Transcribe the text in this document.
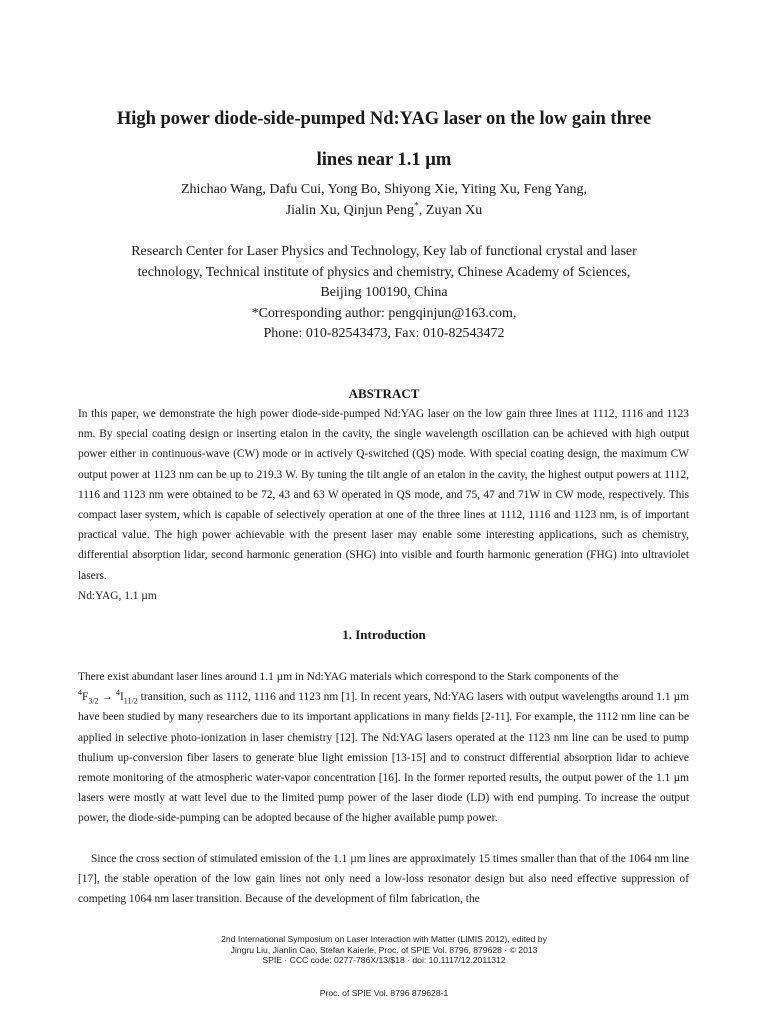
High power diode-side-pumped Nd:YAG laser on the low gain three
lines near 1.1 µm
Zhichao Wang, Dafu Cui, Yong Bo, Shiyong Xie, Yiting Xu, Feng Yang,
Jialin Xu, Qinjun Peng*, Zuyan Xu
Research Center for Laser Physics and Technology, Key lab of functional crystal and laser
technology, Technical institute of physics and chemistry, Chinese Academy of Sciences,
Beijing 100190, China
*Corresponding author: pengqinjun@163.com,
Phone: 010-82543473, Fax: 010-82543472
ABSTRACT
In this paper, we demonstrate the high power diode-side-pumped Nd:YAG laser on the low gain three lines at 1112, 1116 and 1123 nm. By special coating design or inserting etalon in the cavity, the single wavelength oscillation can be achieved with high output power either in continuous-wave (CW) mode or in actively Q-switched (QS) mode. With special coating design, the maximum CW output power at 1123 nm can be up to 219.3 W. By tuning the tilt angle of an etalon in the cavity, the highest output powers at 1112, 1116 and 1123 nm were obtained to be 72, 43 and 63 W operated in QS mode, and 75, 47 and 71W in CW mode, respectively. This compact laser system, which is capable of selectively operation at one of the three lines at 1112, 1116 and 1123 nm, is of important practical value. The high power achievable with the present laser may enable some interesting applications, such as chemistry, differential absorption lidar, second harmonic generation (SHG) into visible and fourth harmonic generation (FHG) into ultraviolet lasers.
Nd:YAG, 1.1 µm
1. Introduction
There exist abundant laser lines around 1.1 µm in Nd:YAG materials which correspond to the Stark components of the
$^4F_{3/2} \to ^4I_{11/2}$ transition, such as 1112, 1116 and 1123 nm [1]. In recent years, Nd:YAG lasers with output wavelengths around 1.1 µm have been studied by many researchers due to its important applications in many fields [2-11]. For example, the 1112 nm line can be applied in selective photo-ionization in laser chemistry [12]. The Nd:YAG lasers operated at the 1123 nm line can be used to pump thulium up-conversion fiber lasers to generate blue light emission [13-15] and to construct differential absorption lidar to achieve remote monitoring of the atmospheric water-vapor concentration [16]. In the former reported results, the output power of the 1.1 µm lasers were mostly at watt level due to the limited pump power of the laser diode (LD) with end pumping. To increase the output power, the diode-side-pumping can be adopted because of the higher available pump power.
Since the cross section of stimulated emission of the 1.1 µm lines are approximately 15 times smaller than that of the 1064 nm line [17], the stable operation of the low gain lines not only need a low-loss resonator design but also need effective suppression of competing 1064 nm laser transition. Because of the development of film fabrication, the
2nd International Symposium on Laser Interaction with Matter (LIMIS 2012), edited by
Jingru Liu, Jianlin Cao, Stefan Kaierle, Proc. of SPIE Vol. 8796, 879628 · © 2013
SPIE · CCC code: 0277-786X/13/$18 · doi: 10.1117/12.2011312
Proc. of SPIE Vol. 8796 879628-1
